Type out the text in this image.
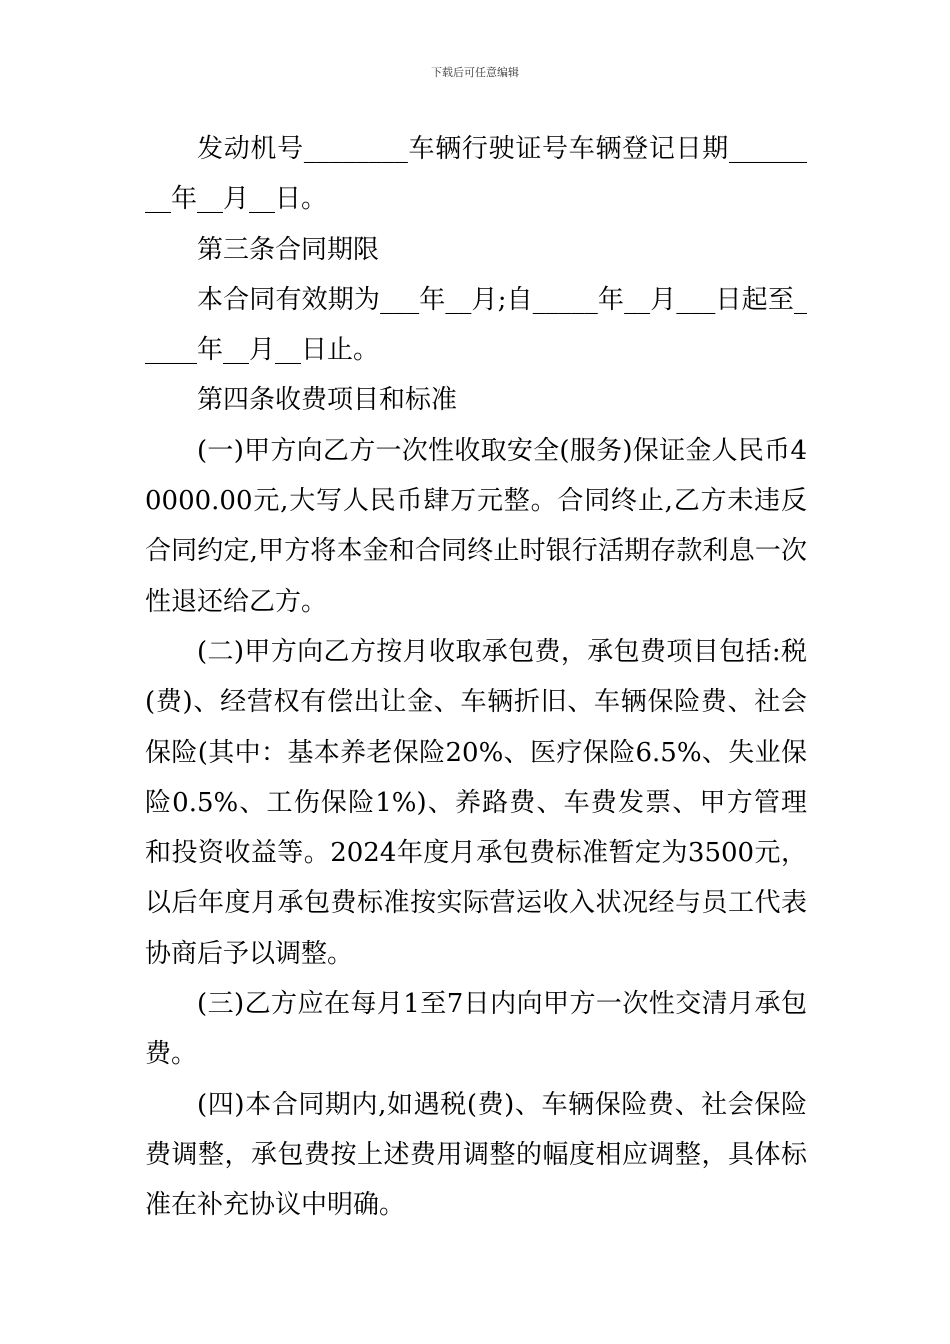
下载后可任意编辑

发动机号________车辆行驶证号车辆登记日期________年__月__日。

第三条合同期限

本合同有效期为___年__月;自_____年__月___日起至_____年__月__日止。

第四条收费项目和标准

(一)甲方向乙方一次性收取安全(服务)保证金人民币40000.00元,大写人民币肆万元整。合同终止,乙方未违反合同约定,甲方将本金和合同终止时银行活期存款利息一次性退还给乙方。

(二)甲方向乙方按月收取承包费，承包费项目包括:税(费)、经营权有偿出让金、车辆折旧、车辆保险费、社会保险(其中：基本养老保险20%、医疗保险6.5%、失业保险0.5%、工伤保险1%)、养路费、车费发票、甲方管理和投资收益等。2024年度月承包费标准暂定为3500元，以后年度月承包费标准按实际营运收入状况经与员工代表协商后予以调整。

(三)乙方应在每月1至7日内向甲方一次性交清月承包费。

(四)本合同期内,如遇税(费)、车辆保险费、社会保险费调整，承包费按上述费用调整的幅度相应调整，具体标准在补充协议中明确。
